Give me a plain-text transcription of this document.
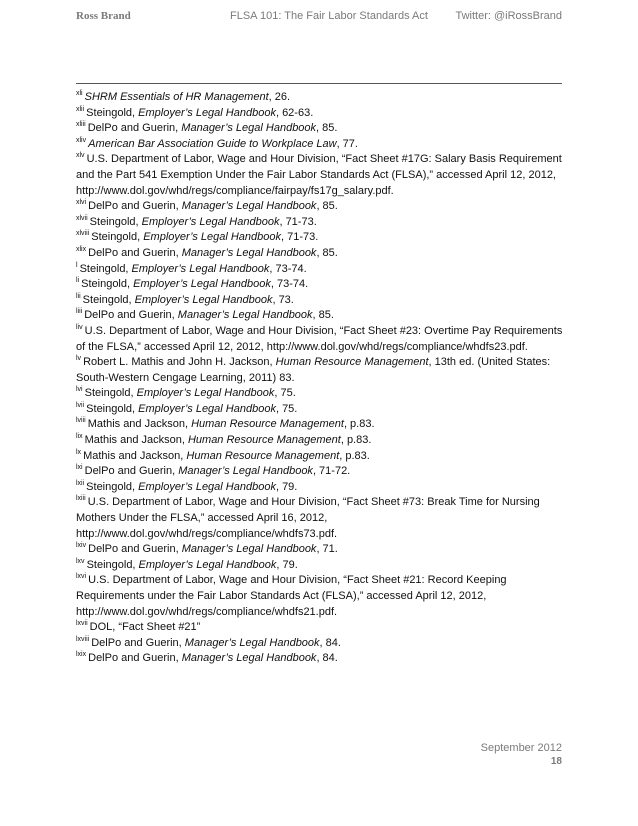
Ross Brand	FLSA 101: The Fair Labor Standards Act	Twitter: @iRossBrand

$^{xli}$ SHRM Essentials of HR Management, 26.

$^{xlii}$ Steingold, Employer’s Legal Handbook, 62-63.

$^{xliii}$ DelPo and Guerin, Manager’s Legal Handbook, 85.

$^{xliv}$ American Bar Association Guide to Workplace Law, 77.

$^{xlv}$ U.S. Department of Labor, Wage and Hour Division, “Fact Sheet #17G: Salary Basis Requirement and the Part 541 Exemption Under the Fair Labor Standards Act (FLSA),” accessed April 12, 2012, http://www.dol.gov/whd/regs/compliance/fairpay/fs17g_salary.pdf.

$^{xlvi}$ DelPo and Guerin, Manager’s Legal Handbook, 85.

$^{xlvii}$ Steingold, Employer’s Legal Handbook, 71-73.

$^{xlviii}$ Steingold, Employer’s Legal Handbook, 71-73.

$^{xlix}$ DelPo and Guerin, Manager’s Legal Handbook, 85.

$^l$ Steingold, Employer’s Legal Handbook, 73-74.

$^{li}$ Steingold, Employer’s Legal Handbook, 73-74.

$^{lii}$ Steingold, Employer’s Legal Handbook, 73.

$^{liii}$ DelPo and Guerin, Manager’s Legal Handbook, 85.

$^{liv}$ U.S. Department of Labor, Wage and Hour Division, “Fact Sheet #23: Overtime Pay Requirements of the FLSA,” accessed April 12, 2012, http://www.dol.gov/whd/regs/compliance/whdfs23.pdf.

$^{lv}$ Robert L. Mathis and John H. Jackson, Human Resource Management, 13th ed. (United States: South-Western Cengage Learning, 2011) 83.

$^{lvi}$ Steingold, Employer’s Legal Handbook, 75.

$^{lvii}$ Steingold, Employer’s Legal Handbook, 75.

$^{lviii}$ Mathis and Jackson, Human Resource Management, p.83.

$^{lix}$ Mathis and Jackson, Human Resource Management, p.83.

$^{lx}$ Mathis and Jackson, Human Resource Management, p.83.

$^{lxi}$ DelPo and Guerin, Manager’s Legal Handbook, 71-72.

$^{lxii}$ Steingold, Employer’s Legal Handbook, 79.

$^{lxiii}$ U.S. Department of Labor, Wage and Hour Division, “Fact Sheet #73: Break Time for Nursing Mothers Under the FLSA,” accessed April 16, 2012, http://www.dol.gov/whd/regs/compliance/whdfs73.pdf.

$^{lxiv}$ DelPo and Guerin, Manager’s Legal Handbook, 71.

$^{lxv}$ Steingold, Employer’s Legal Handbook, 79.

$^{lxvi}$ U.S. Department of Labor, Wage and Hour Division, “Fact Sheet #21: Record Keeping Requirements under the Fair Labor Standards Act (FLSA),” accessed April 12, 2012, http://www.dol.gov/whd/regs/compliance/whdfs21.pdf.

$^{lxvii}$ DOL, “Fact Sheet #21”

$^{lxviii}$ DelPo and Guerin, Manager’s Legal Handbook, 84.

$^{lxix}$ DelPo and Guerin, Manager’s Legal Handbook, 84.

September 2012
18
